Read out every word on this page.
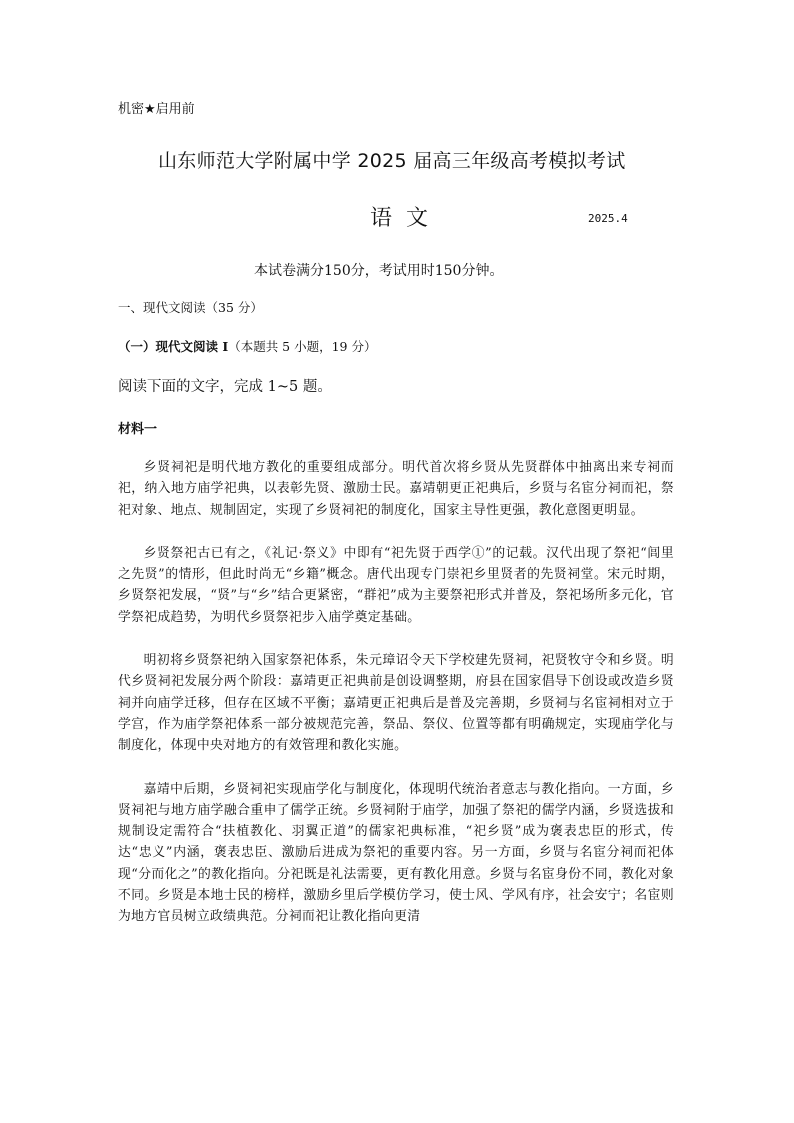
机密★启用前
山东师范大学附属中学 2025 届高三年级高考模拟考试
语文	2025.4
本试卷满分150分，考试用时150分钟。
一、现代文阅读（35 分）
（一）现代文阅读 I（本题共 5 小题，19 分）
阅读下面的文字，完成 1~5 题。
材料一

乡贤祠祀是明代地方教化的重要组成部分。明代首次将乡贤从先贤群体中抽离出来专祠而祀，纳入地方庙学祀典，以表彰先贤、激励士民。嘉靖朝更正祀典后，乡贤与名宦分祠而祀，祭祀对象、地点、规制固定，实现了乡贤祠祀的制度化，国家主导性更强，教化意图更明显。

乡贤祭祀古已有之，《礼记·祭义》中即有“祀先贤于西学①”的记载。汉代出现了祭祀“闾里之先贤”的情形，但此时尚无“乡籍”概念。唐代出现专门崇祀乡里贤者的先贤祠堂。宋元时期，乡贤祭祀发展，“贤”与“乡”结合更紧密，“群祀”成为主要祭祀形式并普及，祭祀场所多元化，官学祭祀成趋势，为明代乡贤祭祀步入庙学奠定基础。

明初将乡贤祭祀纳入国家祭祀体系，朱元璋诏令天下学校建先贤祠，祀贤牧守令和乡贤。明代乡贤祠祀发展分两个阶段：嘉靖更正祀典前是创设调整期，府县在国家倡导下创设或改造乡贤祠并向庙学迁移，但存在区域不平衡；嘉靖更正祀典后是普及完善期，乡贤祠与名宦祠相对立于学宫，作为庙学祭祀体系一部分被规范完善，祭品、祭仪、位置等都有明确规定，实现庙学化与制度化，体现中央对地方的有效管理和教化实施。

嘉靖中后期，乡贤祠祀实现庙学化与制度化，体现明代统治者意志与教化指向。一方面，乡贤祠祀与地方庙学融合重申了儒学正统。乡贤祠附于庙学，加强了祭祀的儒学内涵，乡贤选拔和规制设定需符合“扶植教化、羽翼正道”的儒家祀典标准，“祀乡贤”成为褒表忠臣的形式，传达“忠义”内涵，褒表忠臣、激励后进成为祭祀的重要内容。另一方面，乡贤与名宦分祠而祀体现“分而化之”的教化指向。分祀既是礼法需要，更有教化用意。乡贤与名宦身份不同，教化对象不同。乡贤是本地士民的榜样，激励乡里后学模仿学习，使士风、学风有序，社会安宁；名宦则为地方官员树立政绩典范。分祠而祀让教化指向更清
